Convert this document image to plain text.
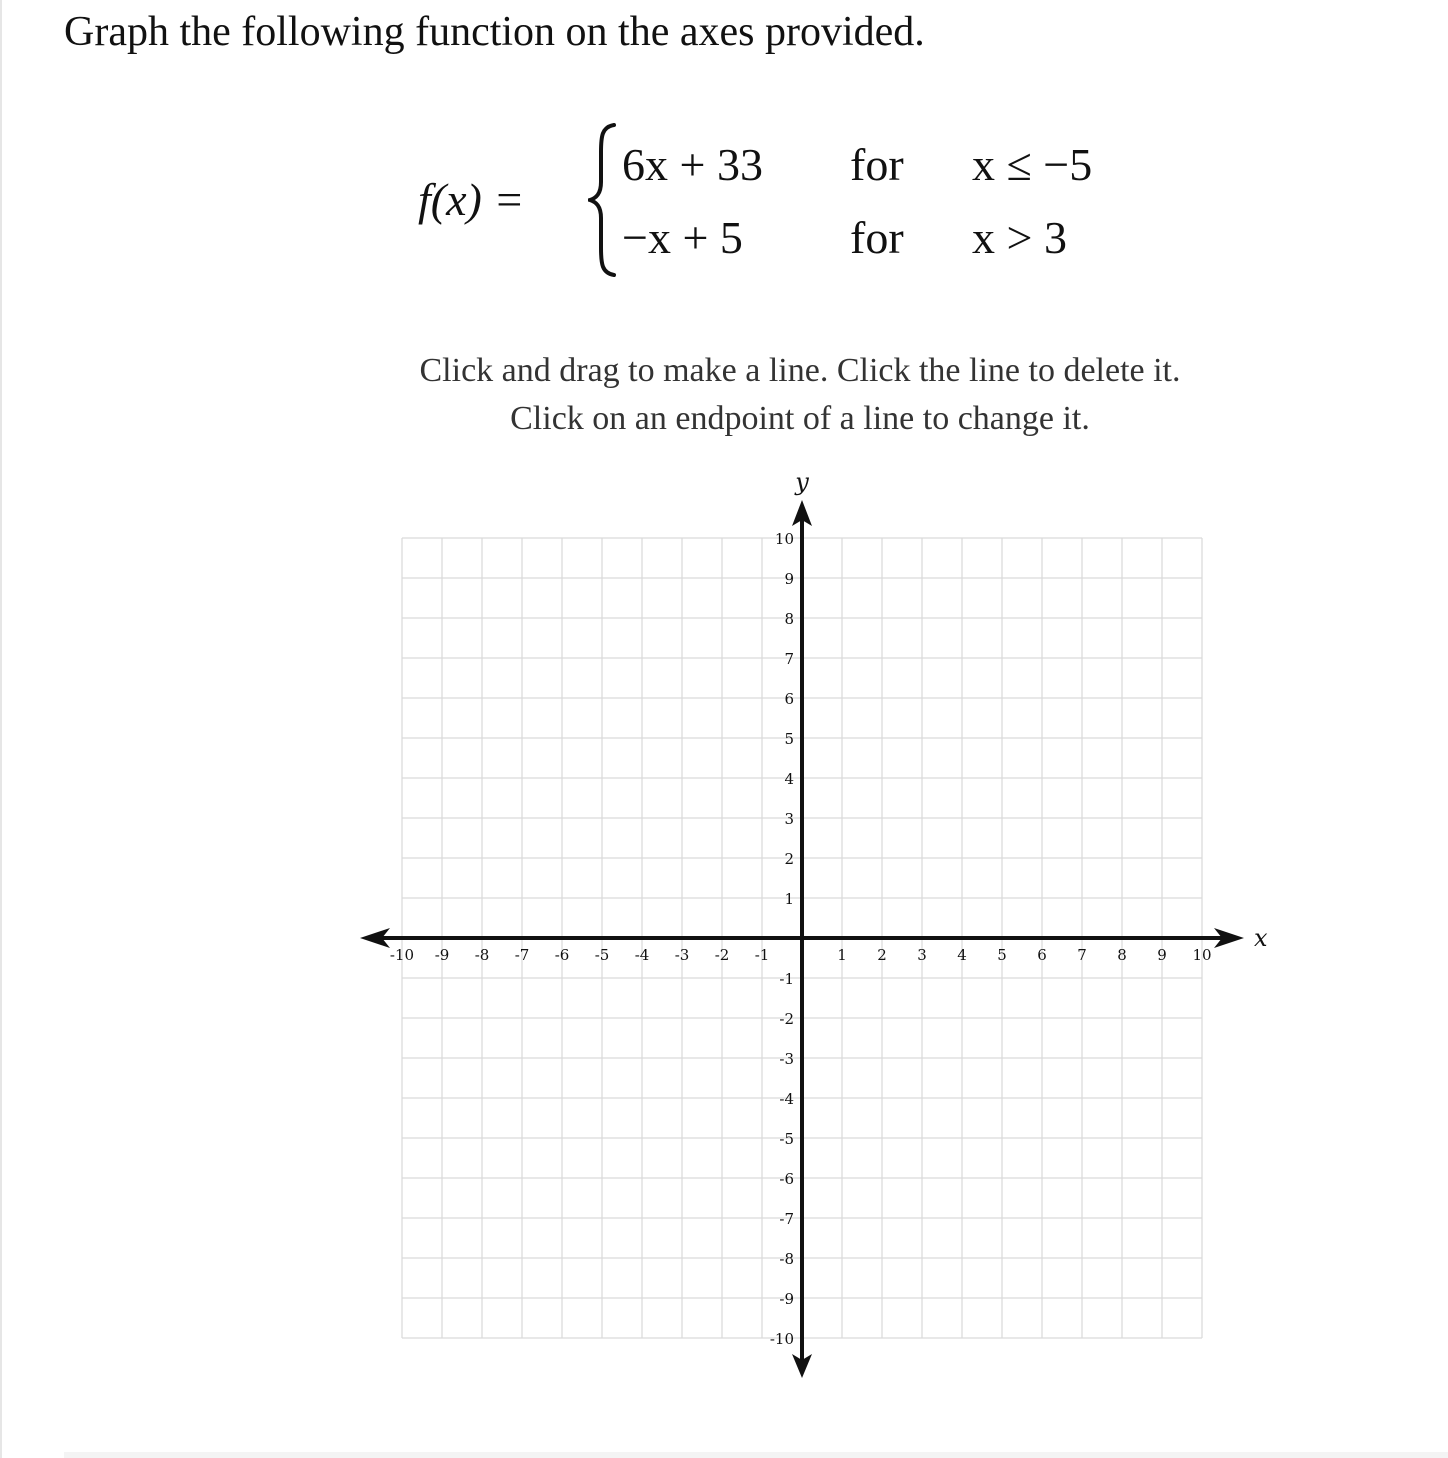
Graph the following function on the axes provided.
f(x) =
6x + 33 for x ≤ −5
−x + 5 for x > 3
Click and drag to make a line. Click the line to delete it.
Click on an endpoint of a line to change it.
x
y
-10 -9 -8 -7 -6 -5 -4 -3 -2 -1	1 2 3 4 5 6 7 8 9 10
10
9
8
7
6
5
4
3
2
1
-1
-2
-3
-4
-5
-6
-7
-8
-9
-10
